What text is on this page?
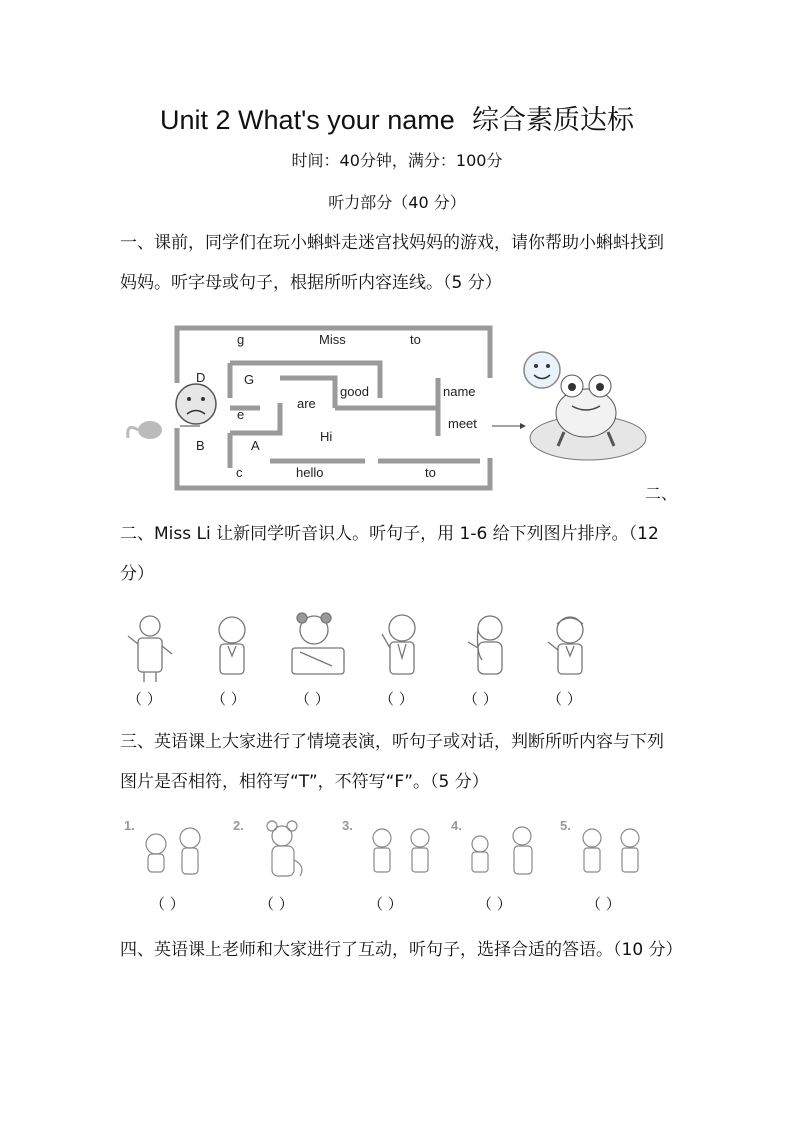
Unit 2 What's your name 综合素质达标
时间：40分钟，满分：100分
听力部分（40 分）
一、课前，同学们在玩小蝌蚪走迷宫找妈妈的游戏，请你帮助小蝌蚪找到妈妈。听字母或句子，根据所听内容连线。（5 分）
g	Miss	to
D	G
good	name
are
e
Hi
meet
A
B
c	hello	to
二、
二、Miss Li 让新同学听音识人。听句子，用 1-6 给下列图片排序。（12 分）
（ ）	（ ）	（ ）	（ ）	（ ）	（ ）
三、英语课上大家进行了情境表演，听句子或对话，判断所听内容与下列图片是否相符，相符写“T”，不符写“F”。（5 分）
1.	2.	3.	4.	5.
（ ）	（ ）	（ ）	（ ）	（ ）
四、英语课上老师和大家进行了互动，听句子，选择合适的答语。（10 分）
